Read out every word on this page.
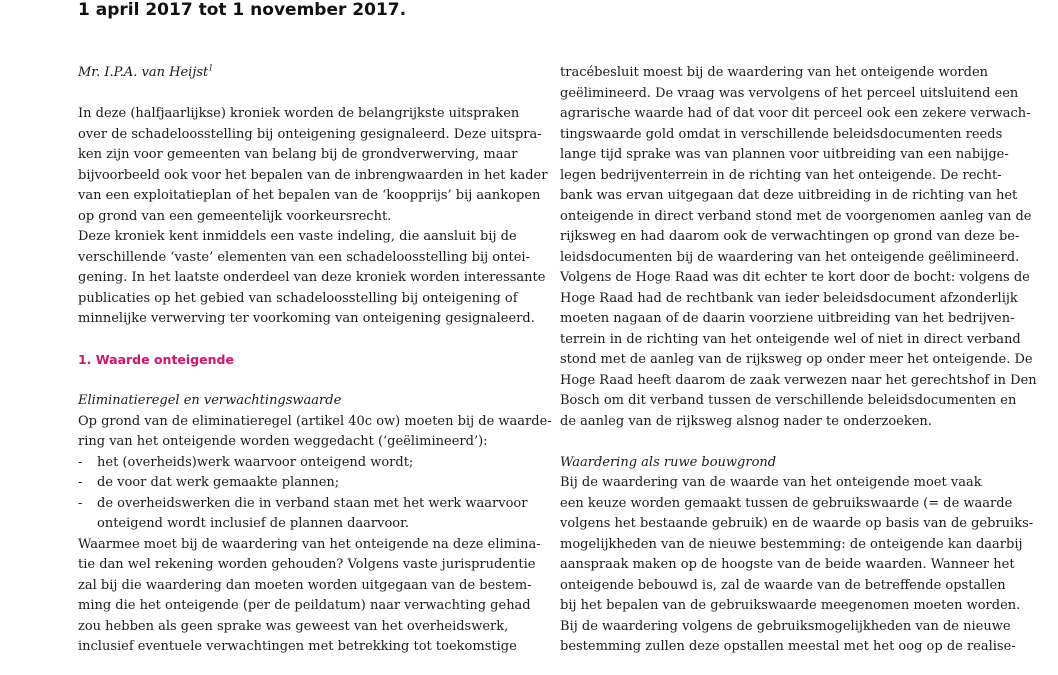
1 april 2017 tot 1 november 2017.
Mr. I.P.A. van Heijst$^1$
In deze (halfjaarlijkse) kroniek worden de belangrijkste uitspraken
over de schadeloosstelling bij onteigening gesignaleerd. Deze uitspra-
ken zijn voor gemeenten van belang bij de grondverwerving, maar
bijvoorbeeld ook voor het bepalen van de inbrengwaarden in het kader
van een exploitatieplan of het bepalen van de ‘koopprijs’ bij aankopen
op grond van een gemeentelijk voorkeursrecht.
Deze kroniek kent inmiddels een vaste indeling, die aansluit bij de
verschillende ‘vaste’ elementen van een schadeloosstelling bij ontei-
gening. In het laatste onderdeel van deze kroniek worden interessante
publicaties op het gebied van schadeloosstelling bij onteigening of
minnelijke verwerving ter voorkoming van onteigening gesignaleerd.
1. Waarde onteigende
Eliminatieregel en verwachtingswaarde
Op grond van de eliminatieregel (artikel 40c ow) moeten bij de waarde-
ring van het onteigende worden weggedacht (‘geëlimineerd’):
- het (overheids)werk waarvoor onteigend wordt;
- de voor dat werk gemaakte plannen;
- de overheidswerken die in verband staan met het werk waarvoor
onteigend wordt inclusief de plannen daarvoor.
Waarmee moet bij de waardering van het onteigende na deze elimina-
tie dan wel rekening worden gehouden? Volgens vaste jurisprudentie
zal bij die waardering dan moeten worden uitgegaan van de bestem-
ming die het onteigende (per de peildatum) naar verwachting gehad
zou hebben als geen sprake was geweest van het overheidswerk,
inclusief eventuele verwachtingen met betrekking tot toekomstige
tracébesluit moest bij de waardering van het onteigende worden
geëlimineerd. De vraag was vervolgens of het perceel uitsluitend een
agrarische waarde had of dat voor dit perceel ook een zekere verwach-
tingswaarde gold omdat in verschillende beleidsdocumenten reeds
lange tijd sprake was van plannen voor uitbreiding van een nabijge-
legen bedrijventerrein in de richting van het onteigende. De recht-
bank was ervan uitgegaan dat deze uitbreiding in de richting van het
onteigende in direct verband stond met de voorgenomen aanleg van de
rijksweg en had daarom ook de verwachtingen op grond van deze be-
leidsdocumenten bij de waardering van het onteigende geëlimineerd.
Volgens de Hoge Raad was dit echter te kort door de bocht: volgens de
Hoge Raad had de rechtbank van ieder beleidsdocument afzonderlijk
moeten nagaan of de daarin voorziene uitbreiding van het bedrijven-
terrein in de richting van het onteigende wel of niet in direct verband
stond met de aanleg van de rijksweg op onder meer het onteigende. De
Hoge Raad heeft daarom de zaak verwezen naar het gerechtshof in Den
Bosch om dit verband tussen de verschillende beleidsdocumenten en
de aanleg van de rijksweg alsnog nader te onderzoeken.
Waardering als ruwe bouwgrond
Bij de waardering van de waarde van het onteigende moet vaak
een keuze worden gemaakt tussen de gebruikswaarde (= de waarde
volgens het bestaande gebruik) en de waarde op basis van de gebruiks-
mogelijkheden van de nieuwe bestemming: de onteigende kan daarbij
aanspraak maken op de hoogste van de beide waarden. Wanneer het
onteigende bebouwd is, zal de waarde van de betreffende opstallen
bij het bepalen van de gebruikswaarde meegenomen moeten worden.
Bij de waardering volgens de gebruiksmogelijkheden van de nieuwe
bestemming zullen deze opstallen meestal met het oog op de realise-
